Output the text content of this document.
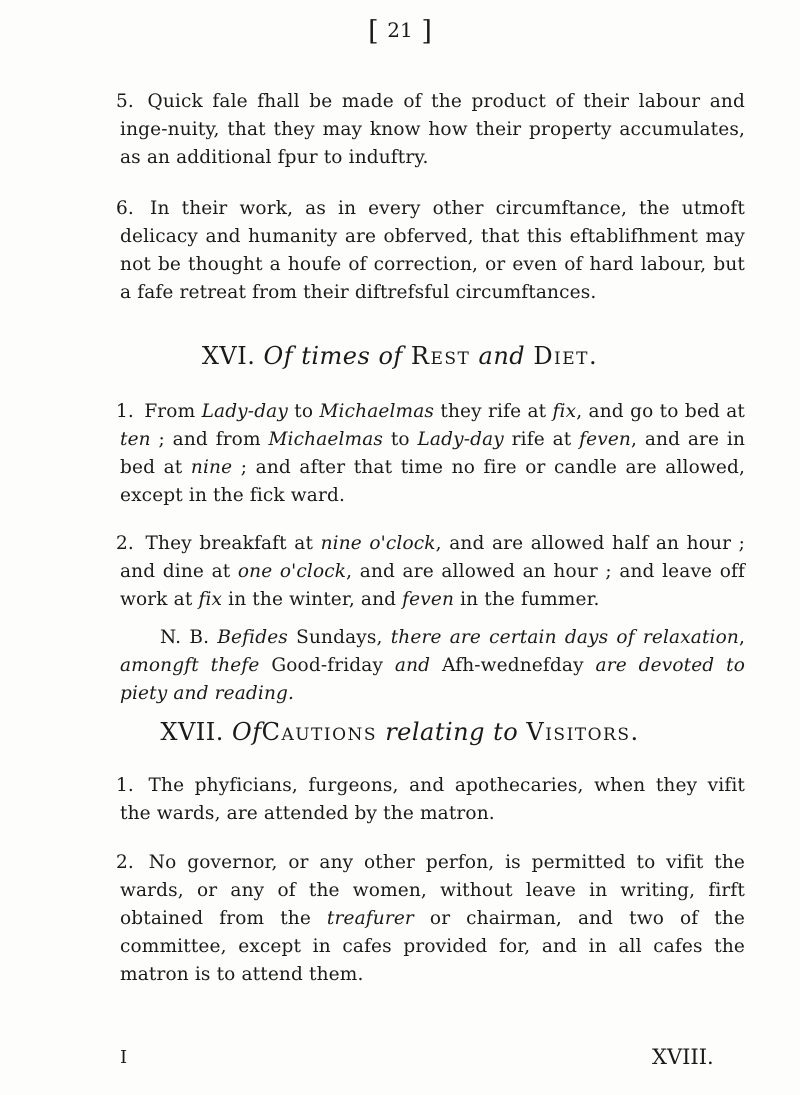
[ 21 ]
5. Quick fale fhall be made of the product of their labour and inge-nuity, that they may know how their property accumulates, as an additional fpur to induftry.
6. In their work, as in every other circumftance, the utmoft delicacy and humanity are obferved, that this eftablifhment may not be thought a houfe of correction, or even of hard labour, but a fafe retreat from their diftrefsful circumftances.
XVI. Of times of Rest and Diet.
1. From Lady-day to Michaelmas they rife at fix, and go to bed at ten ; and from Michaelmas to Lady-day rife at feven, and are in bed at nine ; and after that time no fire or candle are allowed, except in the fick ward.
2. They breakfaft at nine o'clock, and are allowed half an hour ; and dine at one o'clock, and are allowed an hour ; and leave off work at fix in the winter, and feven in the fummer.
N. B. Befides Sundays, there are certain days of relaxation, amongft thefe Good-friday and Afh-wednefday are devoted to piety and reading.
XVII. OfCautions relating to Visitors.
1. The phyficians, furgeons, and apothecaries, when they vifit the wards, are attended by the matron.
2. No governor, or any other perfon, is permitted to vifit the wards, or any of the women, without leave in writing, firft obtained from the treafurer or chairman, and two of the committee, except in cafes provided for, and in all cafes the matron is to attend them.
I	XVIII.
